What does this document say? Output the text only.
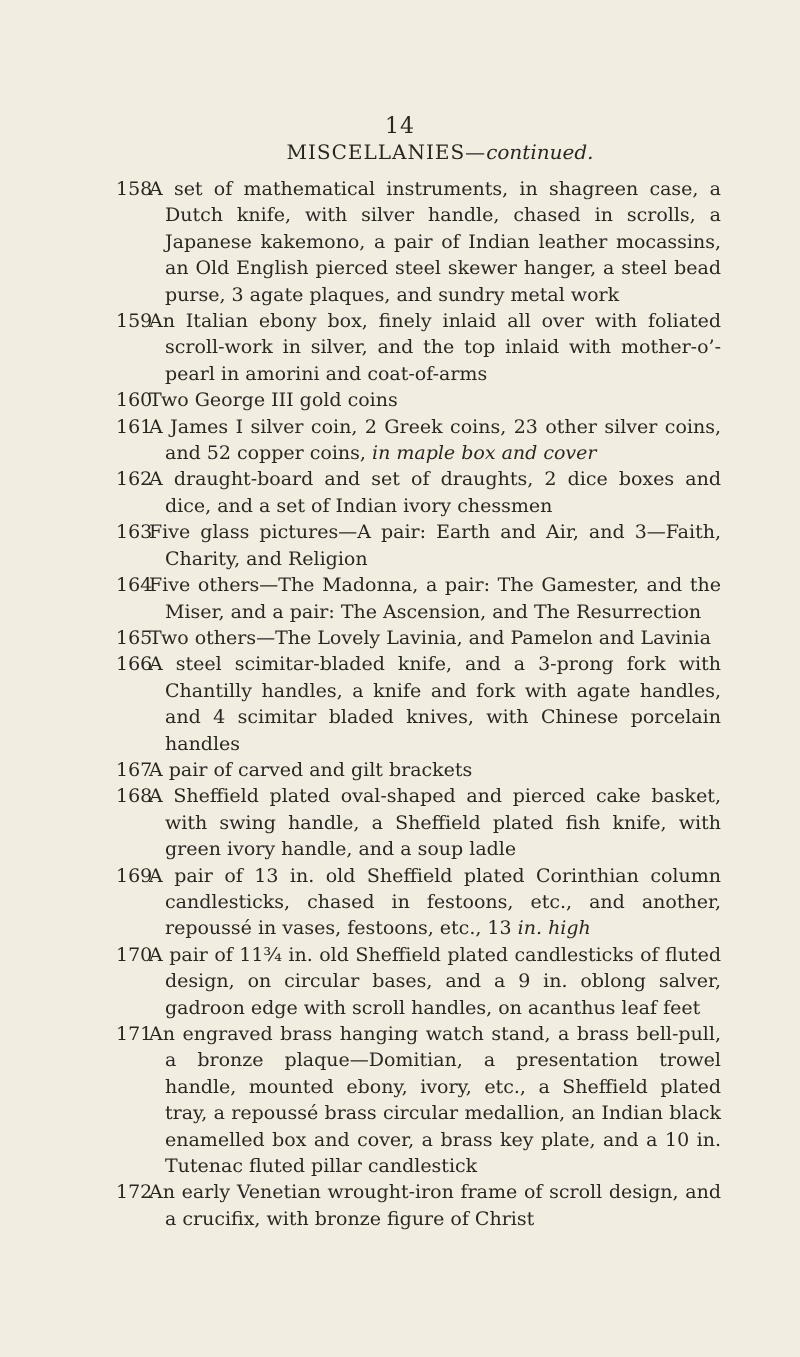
14
MISCELLANIES—continued.
158
A set of mathematical instruments, in shagreen case, a Dutch knife, with silver handle, chased in scrolls, a Japanese kakemono, a pair of Indian leather mocassins, an Old English pierced steel skewer hanger, a steel bead purse, 3 agate plaques, and sundry metal work
159
An Italian ebony box, finely inlaid all over with foliated scroll-work in silver, and the top inlaid with mother-o’-pearl in amorini and coat-of-arms
160
Two George III gold coins
161
A James I silver coin, 2 Greek coins, 23 other silver coins, and 52 copper coins, in maple box and cover
162
A draught-board and set of draughts, 2 dice boxes and dice, and a set of Indian ivory chessmen
163
Five glass pictures—A pair: Earth and Air, and 3—Faith, Charity, and Religion
164
Five others—The Madonna, a pair: The Gamester, and the Miser, and a pair: The Ascension, and The Resurrection
165
Two others—The Lovely Lavinia, and Pamelon and Lavinia
166
A steel scimitar-bladed knife, and a 3-prong fork with Chantilly handles, a knife and fork with agate handles, and 4 scimitar bladed knives, with Chinese porcelain handles
167
A pair of carved and gilt brackets
168
A Sheffield plated oval-shaped and pierced cake basket, with swing handle, a Sheffield plated fish knife, with green ivory handle, and a soup ladle
169
A pair of 13 in. old Sheffield plated Corinthian column candlesticks, chased in festoons, etc., and another, repoussé in vases, festoons, etc., 13 in. high
170
A pair of 11¾ in. old Sheffield plated candlesticks of fluted design, on circular bases, and a 9 in. oblong salver, gadroon edge with scroll handles, on acanthus leaf feet
171
An engraved brass hanging watch stand, a brass bell-pull, a bronze plaque—Domitian, a presentation trowel handle, mounted ebony, ivory, etc., a Sheffield plated tray, a repoussé brass circular medallion, an Indian black enamelled box and cover, a brass key plate, and a 10 in. Tutenac fluted pillar candlestick
172
An early Venetian wrought-iron frame of scroll design, and a crucifix, with bronze figure of Christ
